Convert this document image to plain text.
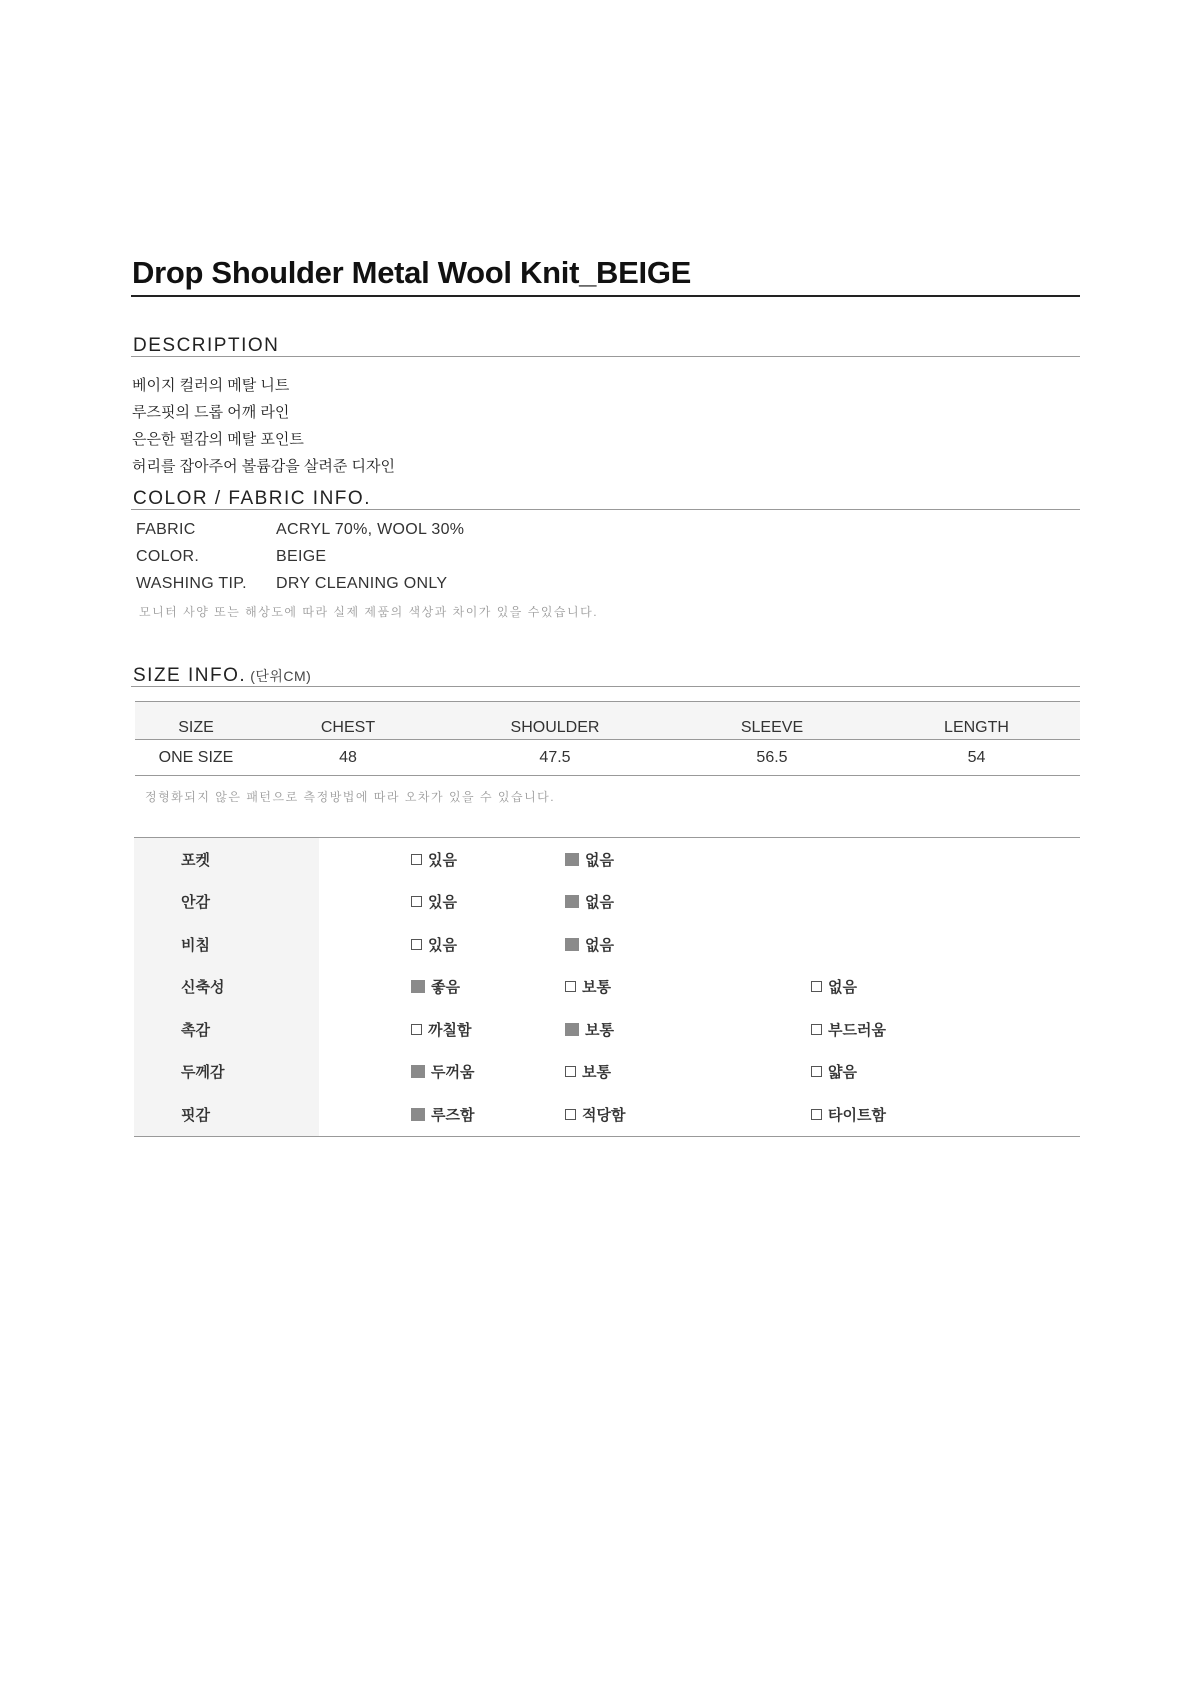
Drop Shoulder Metal Wool Knit_BEIGE
DESCRIPTION
베이지 컬러의 메탈 니트
루즈핏의 드롭 어깨 라인
은은한 펄감의 메탈 포인트
허리를 잡아주어 볼륨감을 살려준 디자인
COLOR / FABRIC INFO.
FABRIC	ACRYL 70%, WOOL 30%
COLOR.	BEIGE
WASHING TIP.	DRY CLEANING ONLY
모니터 사양 또는 해상도에 따라 실제 제품의 색상과 차이가 있을 수있습니다.
SIZE INFO. (단위CM)
SIZE	CHEST	SHOULDER	SLEEVE	LENGTH
ONE SIZE	48	47.5	56.5	54
정형화되지 않은 패턴으로 측정방법에 따라 오차가 있을 수 있습니다.
포켓	있음	없음
안감	있음	없음
비침	있음	없음
신축성	좋음	보통	없음
촉감	까칠함	보통	부드러움
두께감	두꺼움	보통	얇음
핏감	루즈함	적당함	타이트함
